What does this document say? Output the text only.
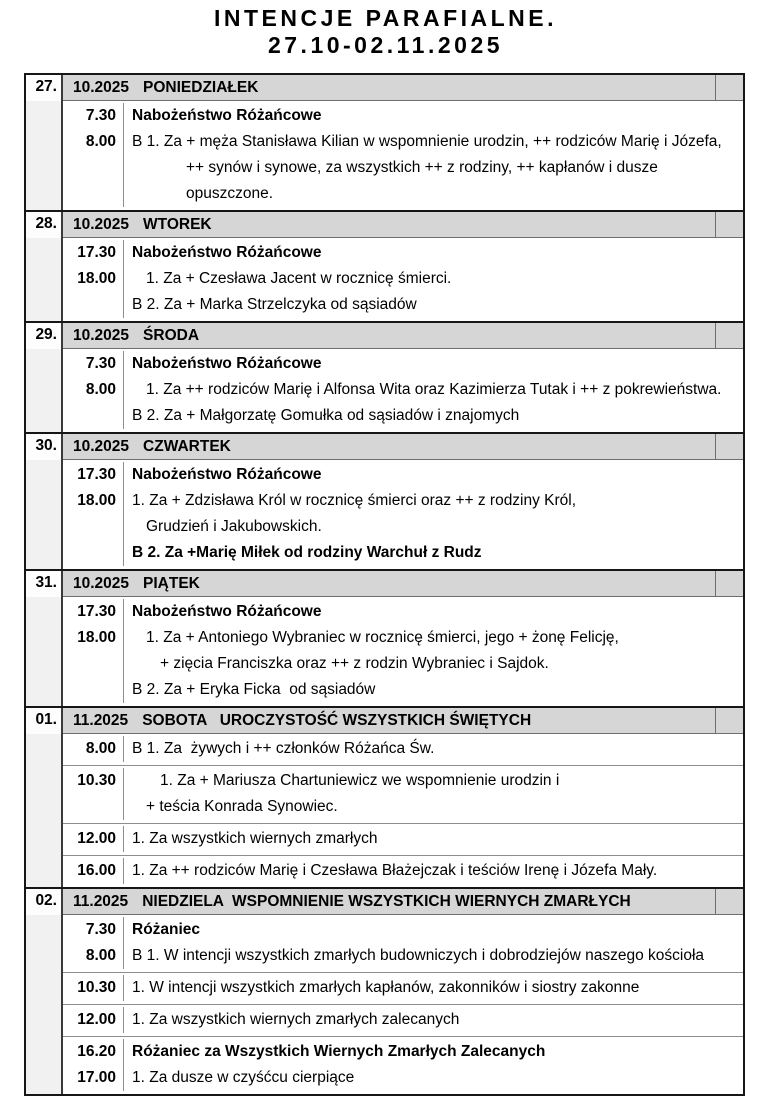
INTENCJE PARAFIALNE.
27.10-02.11.2025
27. 10.2025 PONIEDZIAŁEK
7.30	Nabożeństwo Różańcowe
8.00	B 1. Za + męża Stanisława Kilian w wspomnienie urodzin, ++ rodziców Marię i Józefa,
++ synów i synowe, za wszystkich ++ z rodziny, ++ kapłanów i dusze opuszczone.
28. 10.2025 WTOREK
17.30	Nabożeństwo Różańcowe
18.00	1. Za + Czesława Jacent w rocznicę śmierci.
B 2. Za + Marka Strzelczyka od sąsiadów
29. 10.2025 ŚRODA
7.30	Nabożeństwo Różańcowe
8.00	1. Za ++ rodziców Marię i Alfonsa Wita oraz Kazimierza Tutak i ++ z pokrewieństwa.
B 2. Za + Małgorzatę Gomułka od sąsiadów i znajomych
30. 10.2025 CZWARTEK
17.30	Nabożeństwo Różańcowe
18.00	1. Za + Zdzisława Król w rocznicę śmierci oraz ++ z rodziny Król,
Grudzień i Jakubowskich.
B 2. Za +Marię Miłek od rodziny Warchuł z Rudz
31. 10.2025 PIĄTEK
17.30	Nabożeństwo Różańcowe
18.00	1. Za + Antoniego Wybraniec w rocznicę śmierci, jego + żonę Felicję,
+ zięcia Franciszka oraz ++ z rodzin Wybraniec i Sajdok.
B 2. Za + Eryka Ficka  od sąsiadów
01. 11.2025 SOBOTA   UROCZYSTOŚĆ WSZYSTKICH ŚWIĘTYCH
8.00	B 1. Za  żywych i ++ członków Różańca Św.
10.30	1. Za + Mariusza Chartuniewicz we wspomnienie urodzin i
+ teścia Konrada Synowiec.
12.00	1. Za wszystkich wiernych zmarłych
16.00	1. Za ++ rodziców Marię i Czesława Błażejczak i teściów Irenę i Józefa Mały.
02. 11.2025 NIEDZIELA  WSPOMNIENIE WSZYSTKICH WIERNYCH ZMARŁYCH
7.30	Różaniec
8.00	B 1. W intencji wszystkich zmarłych budowniczych i dobrodziejów naszego kościoła
10.30	1. W intencji wszystkich zmarłych kapłanów, zakonników i siostry zakonne
12.00	1. Za wszystkich wiernych zmarłych zalecanych
16.20	Różaniec za Wszystkich Wiernych Zmarłych Zalecanych
17.00	1. Za dusze w czyśćcu cierpiące
